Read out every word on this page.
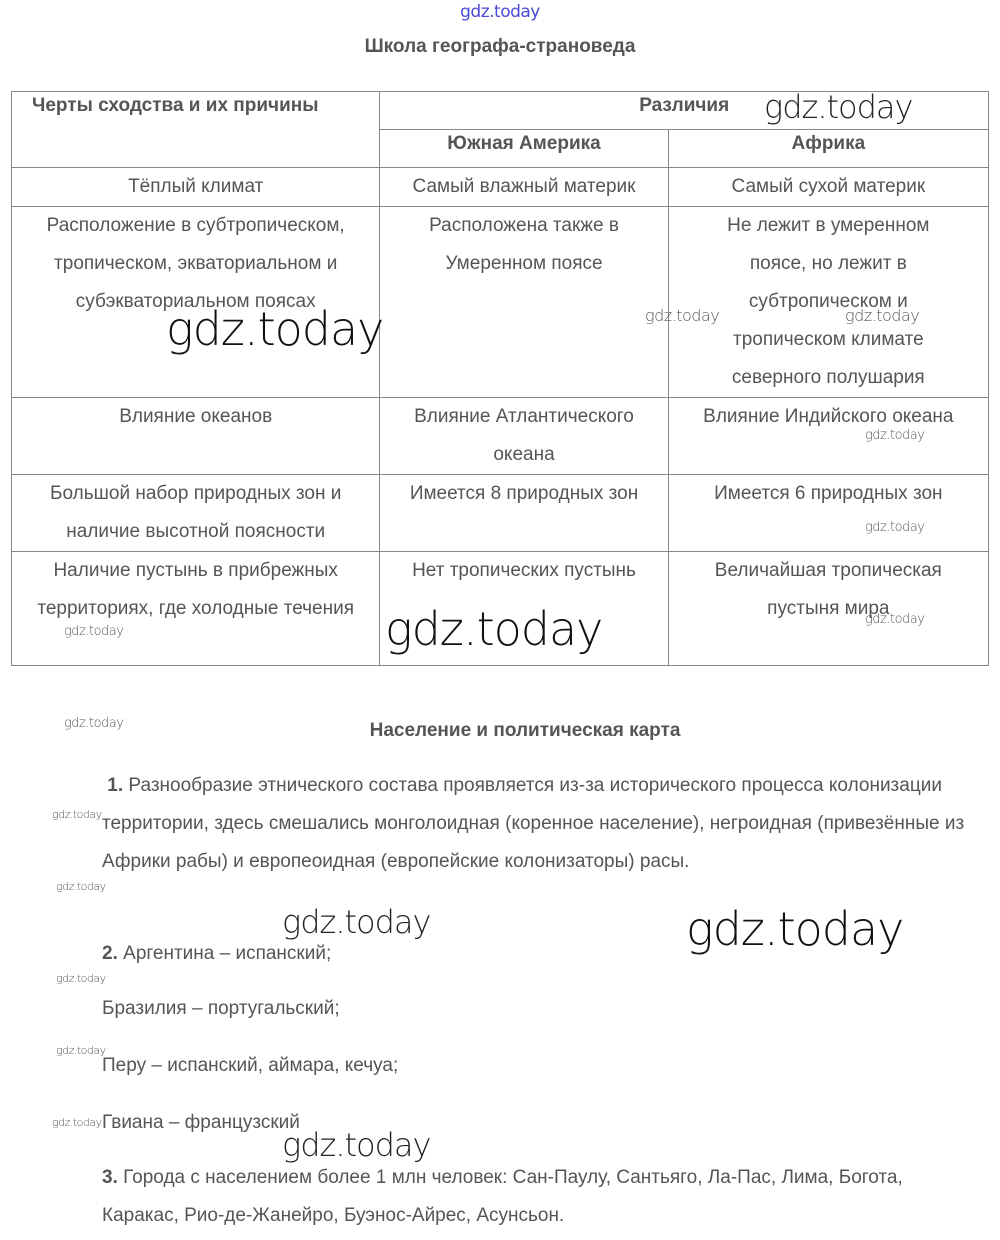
gdz.today
Школа географа-страноведа
Черты сходства и их причины	Различия	
	Южная Америка	Африка
Тёплый климат	Самый влажный материк	Самый сухой материк
Расположение в субтропическом, тропическом, экваториальном и субэкваториальном поясах	Расположена также в Умеренном поясе	Не лежит в умеренном поясе, но лежит в субтропическом и тропическом климате северного полушария
Влияние океанов	Влияние Атлантического океана	Влияние Индийского океана
Большой набор природных зон и наличие высотной поясности	Имеется 8 природных зон	Имеется 6 природных зон
Наличие пустынь в прибрежных территориях, где холодные течения	Нет тропических пустынь	Величайшая тропическая пустыня мира
Население и политическая карта
1. Разнообразие этнического состава проявляется из-за исторического процесса колонизации территории, здесь смешались монголоидная (коренное население), негроидная (привезённые из Африки рабы) и европеоидная (европейские колонизаторы) расы.
2. Аргентина – испанский;
Бразилия – португальский;
Перу – испанский, аймара, кечуа;
Гвиана – французский
3. Города с населением более 1 млн человек: Сан-Паулу, Сантьяго, Ла-Пас, Лима, Богота, Каракас, Рио-де-Жанейро, Буэнос-Айрес, Асунсьон.
gdz.today
gdz.today	gdz.today	gdz.today
gdz.today
gdz.today
gdz.today
gdz.today	gdz.today
gdz.today
gdz.today
gdz.today
gdz.today	gdz.today
gdz.today
gdz.today
gdz.today
gdz.today
